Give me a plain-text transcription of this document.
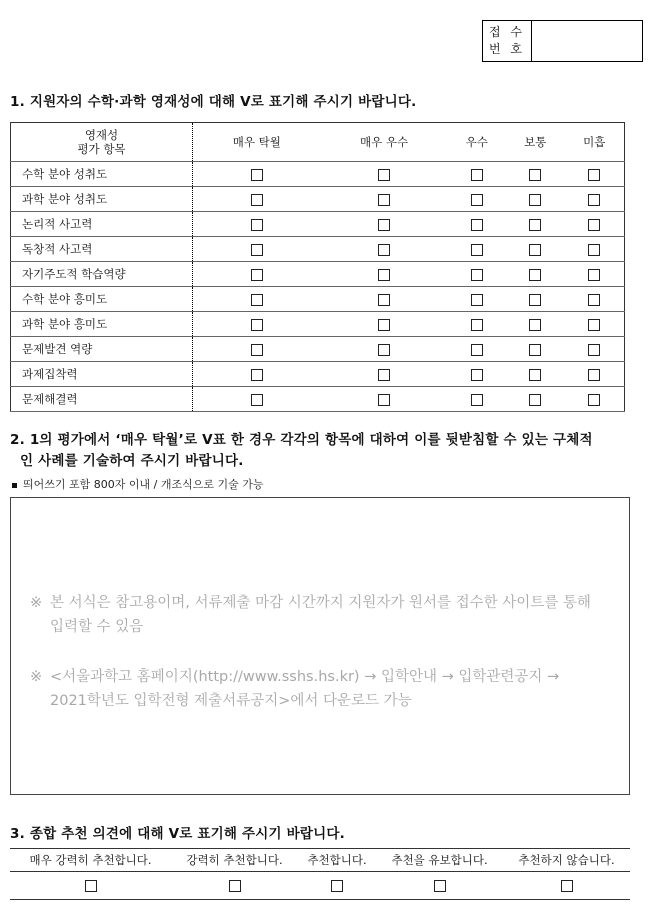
접 수
번 호
1. 지원자의 수학·과학 영재성에 대해 V로 표기해 주시기 바랍니다.
영재성
평가 항목	매우 탁월	매우 우수	우수	보통	미흡
수학 분야 성취도					
과학 분야 성취도					
논리적 사고력					
독창적 사고력					
자기주도적 학습역량					
수학 분야 흥미도					
과학 분야 흥미도					
문제발견 역량					
과제집착력					
문제해결력					
2. 1의 평가에서 ‘매우 탁월’로 V표 한 경우 각각의 항목에 대하여 이를 뒷받침할 수 있는 구체적
인 사례를 기술하여 주시기 바랍니다.
띄어쓰기 포함 800자 이내 / 개조식으로 기술 가능
※ 본 서식은 참고용이며, 서류제출 마감 시간까지 지원자가 원서를 접수한 사이트를 통해
입력할 수 있음
※ <서울과학고 홈페이지(http://www.sshs.hs.kr) → 입학안내 → 입학관련공지 →
2021학년도 입학전형 제출서류공지>에서 다운로드 가능
3. 종합 추천 의견에 대해 V로 표기해 주시기 바랍니다.
매우 강력히 추천합니다.	강력히 추천합니다.	추천합니다.	추천을 유보합니다.	추천하지 않습니다.
